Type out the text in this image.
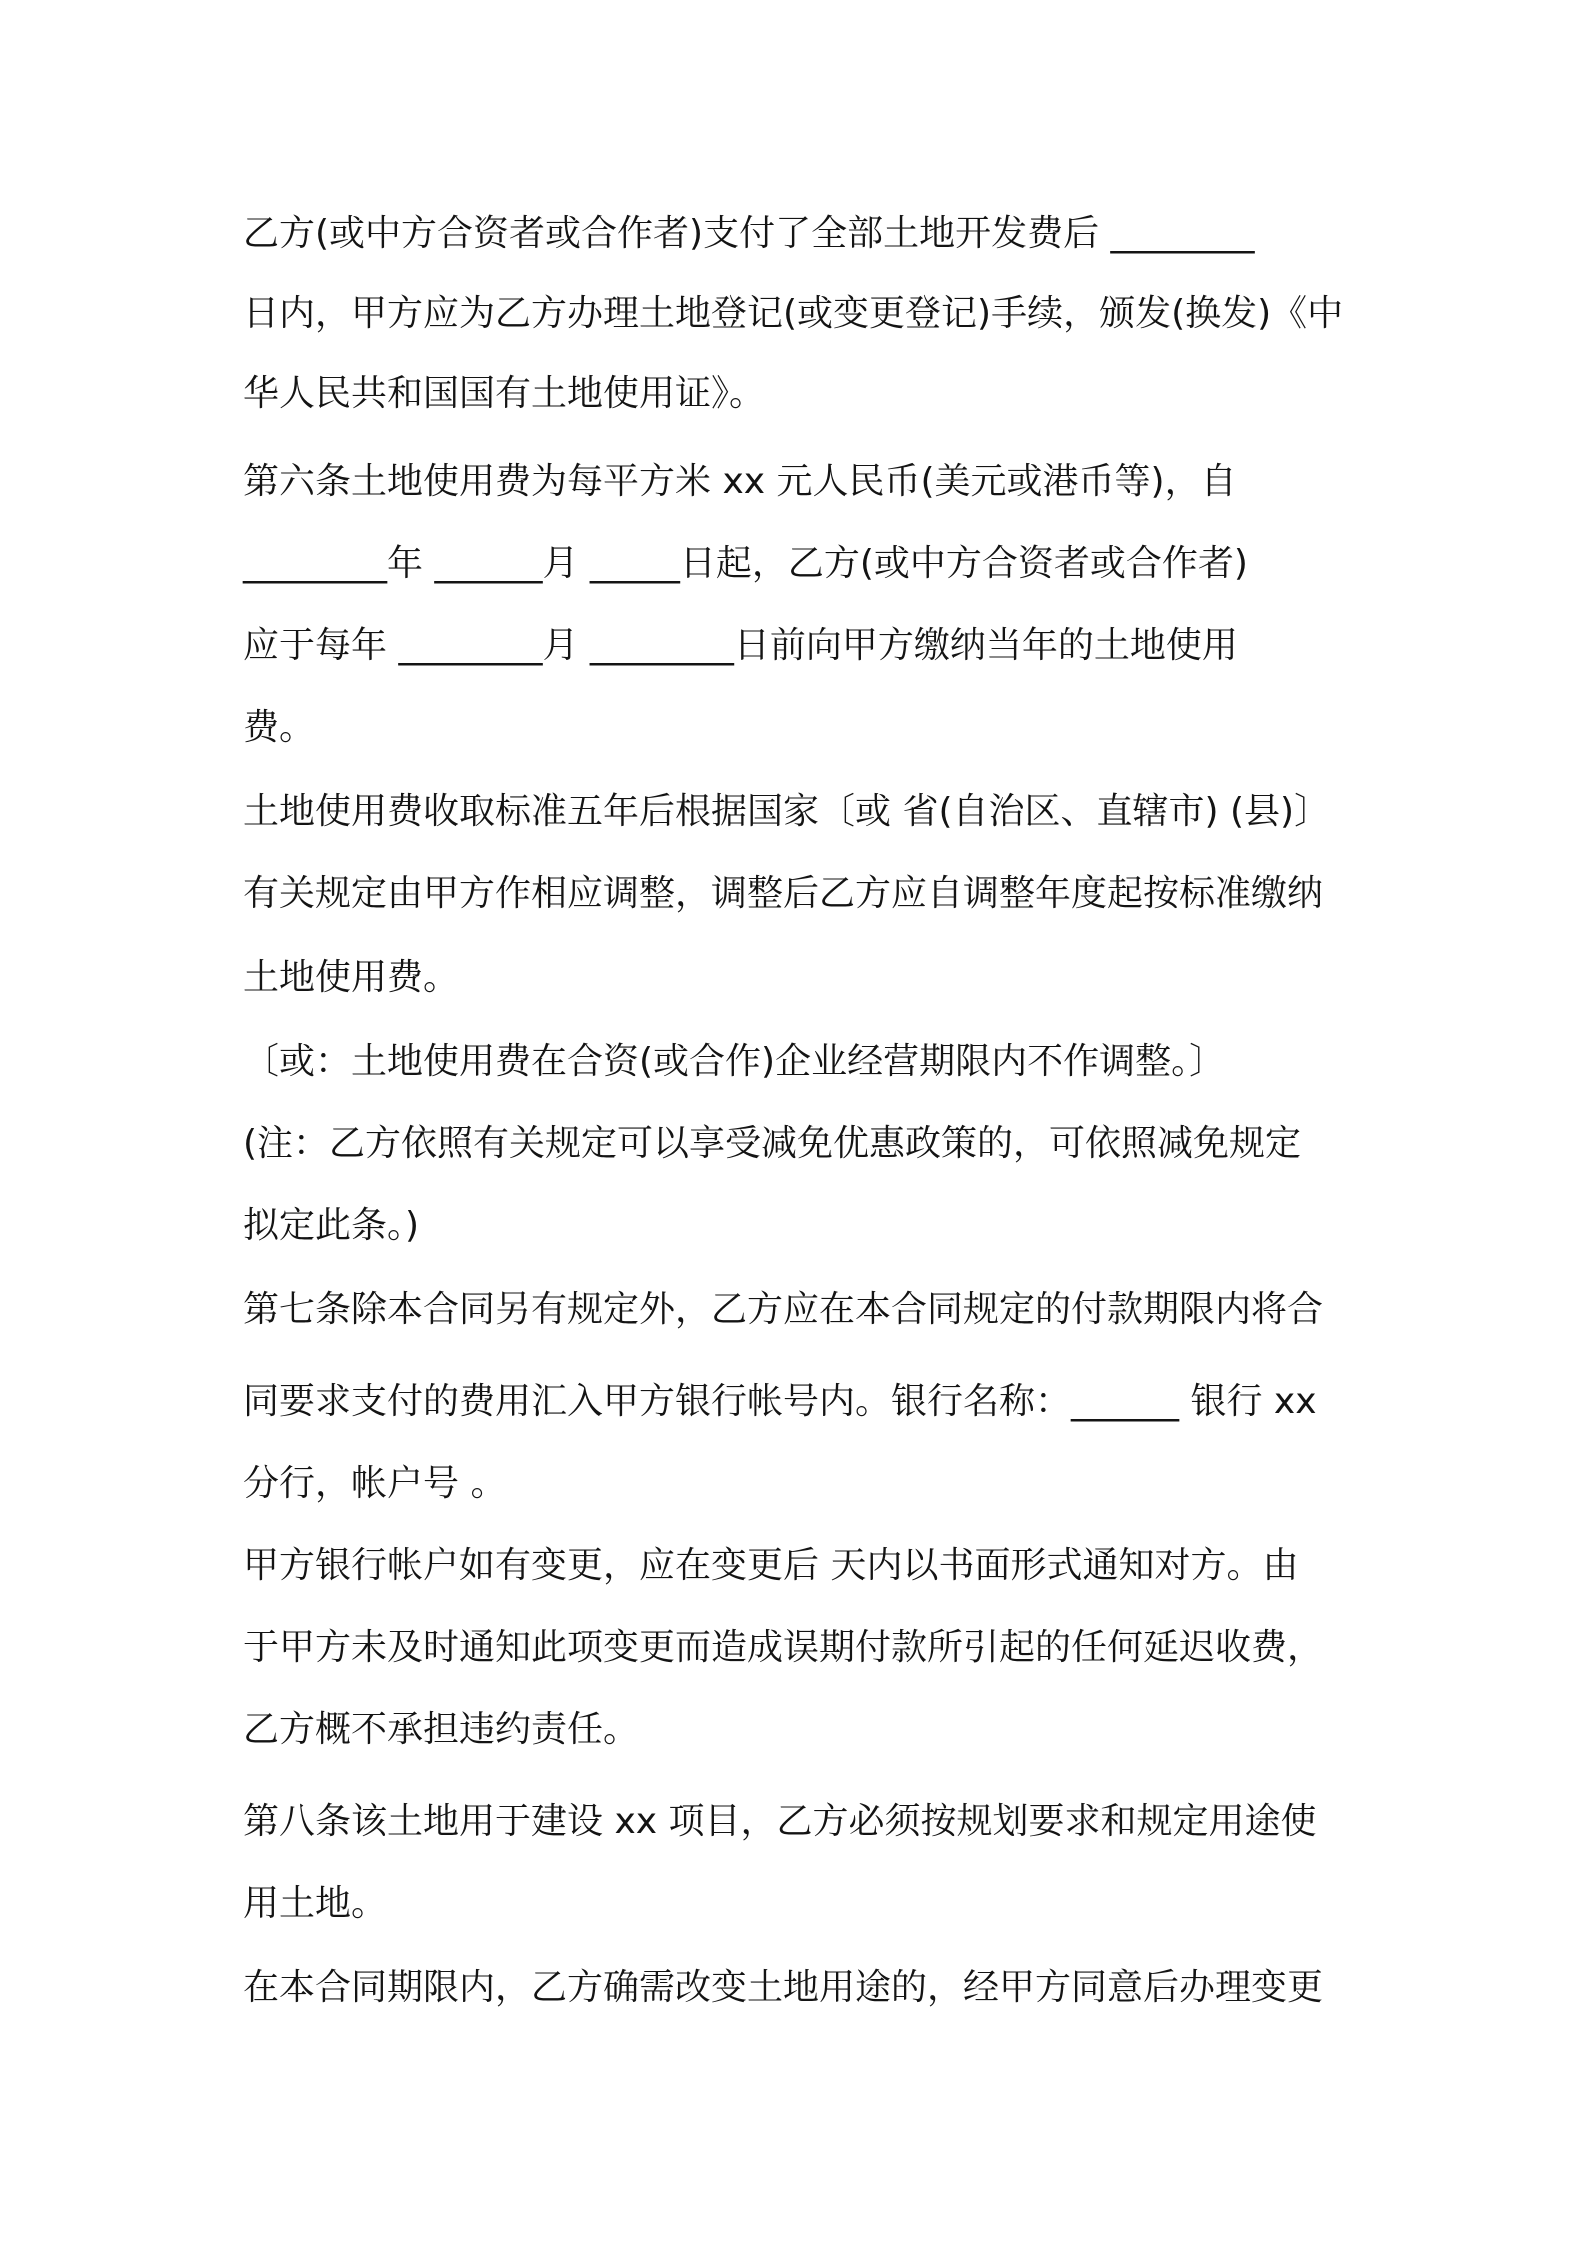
乙方(或中方合资者或合作者)支付了全部土地开发费后 ________
日内，甲方应为乙方办理土地登记(或变更登记)手续，颁发(换发)《中
华人民共和国国有土地使用证》。
第六条土地使用费为每平方米 xx 元人民币(美元或港币等)，自
________年 ______月 _____日起，乙方(或中方合资者或合作者)
应于每年 ________月 ________日前向甲方缴纳当年的土地使用
费。
土地使用费收取标准五年后根据国家〔或 省(自治区、直辖市) (县)〕
有关规定由甲方作相应调整，调整后乙方应自调整年度起按标准缴纳
土地使用费。
〔或：土地使用费在合资(或合作)企业经营期限内不作调整。〕
(注：乙方依照有关规定可以享受减免优惠政策的，可依照减免规定
拟定此条。)
第七条除本合同另有规定外，乙方应在本合同规定的付款期限内将合
同要求支付的费用汇入甲方银行帐号内。银行名称：______ 银行 xx
分行，帐户号 。
甲方银行帐户如有变更，应在变更后 天内以书面形式通知对方。由
于甲方未及时通知此项变更而造成误期付款所引起的任何延迟收费，
乙方概不承担违约责任。
第八条该土地用于建设 xx 项目，乙方必须按规划要求和规定用途使
用土地。
在本合同期限内，乙方确需改变土地用途的，经甲方同意后办理变更
